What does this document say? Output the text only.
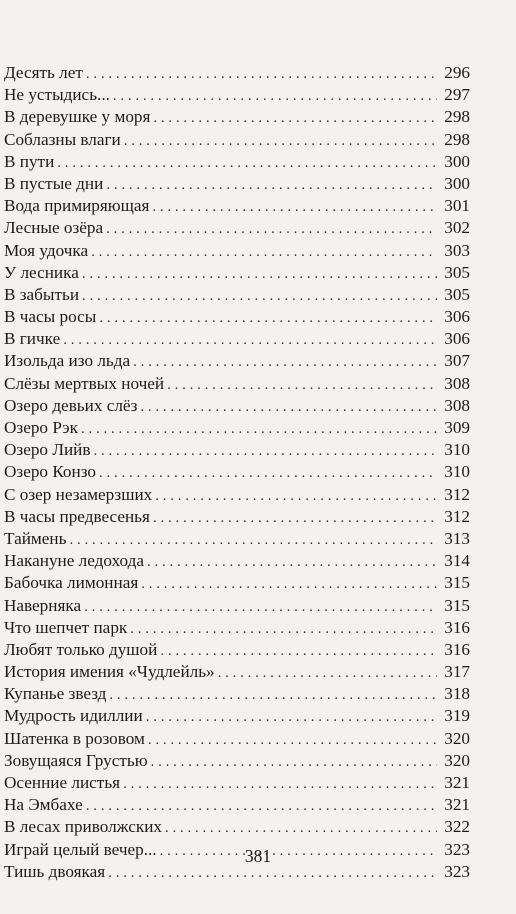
Десять лет . . .	296
Не устыдись... . . .	297
В деревушке у моря . . .	298
Соблазны влаги . . .	298
В пути . . .	300
В пустые дни . . .	300
Вода примиряющая . . .	301
Лесные озёра . . .	302
Моя удочка . . .	303
У лесника . . .	305
В забытьи . . .	305
В часы росы . . .	306
В гичке . . .	306
Изольда изо льда . . .	307
Слёзы мертвых ночей . . .	308
Озеро девьих слёз . . .	308
Озеро Рэк . . .	309
Озеро Лийв . . .	310
Озеро Конзо . . .	310
С озер незамерзших . . .	312
В часы предвесенья . . .	312
Таймень . . .	313
Накануне ледохода . . .	314
Бабочка лимонная . . .	315
Наверняка . . .	315
Что шепчет парк . . .	316
Любят только душой . . .	316
История имения «Чудлейль» . . .	317
Купанье звезд . . .	318
Мудрость идиллии . . .	319
Шатенка в розовом . . .	320
Зовущаяся Грустью . . .	320
Осенние листья . . .	321
На Эмбахе . . .	321
В лесах приволжских . . .	322
Играй целый вечер... . . .	323
Тишь двоякая . . .	323
381
